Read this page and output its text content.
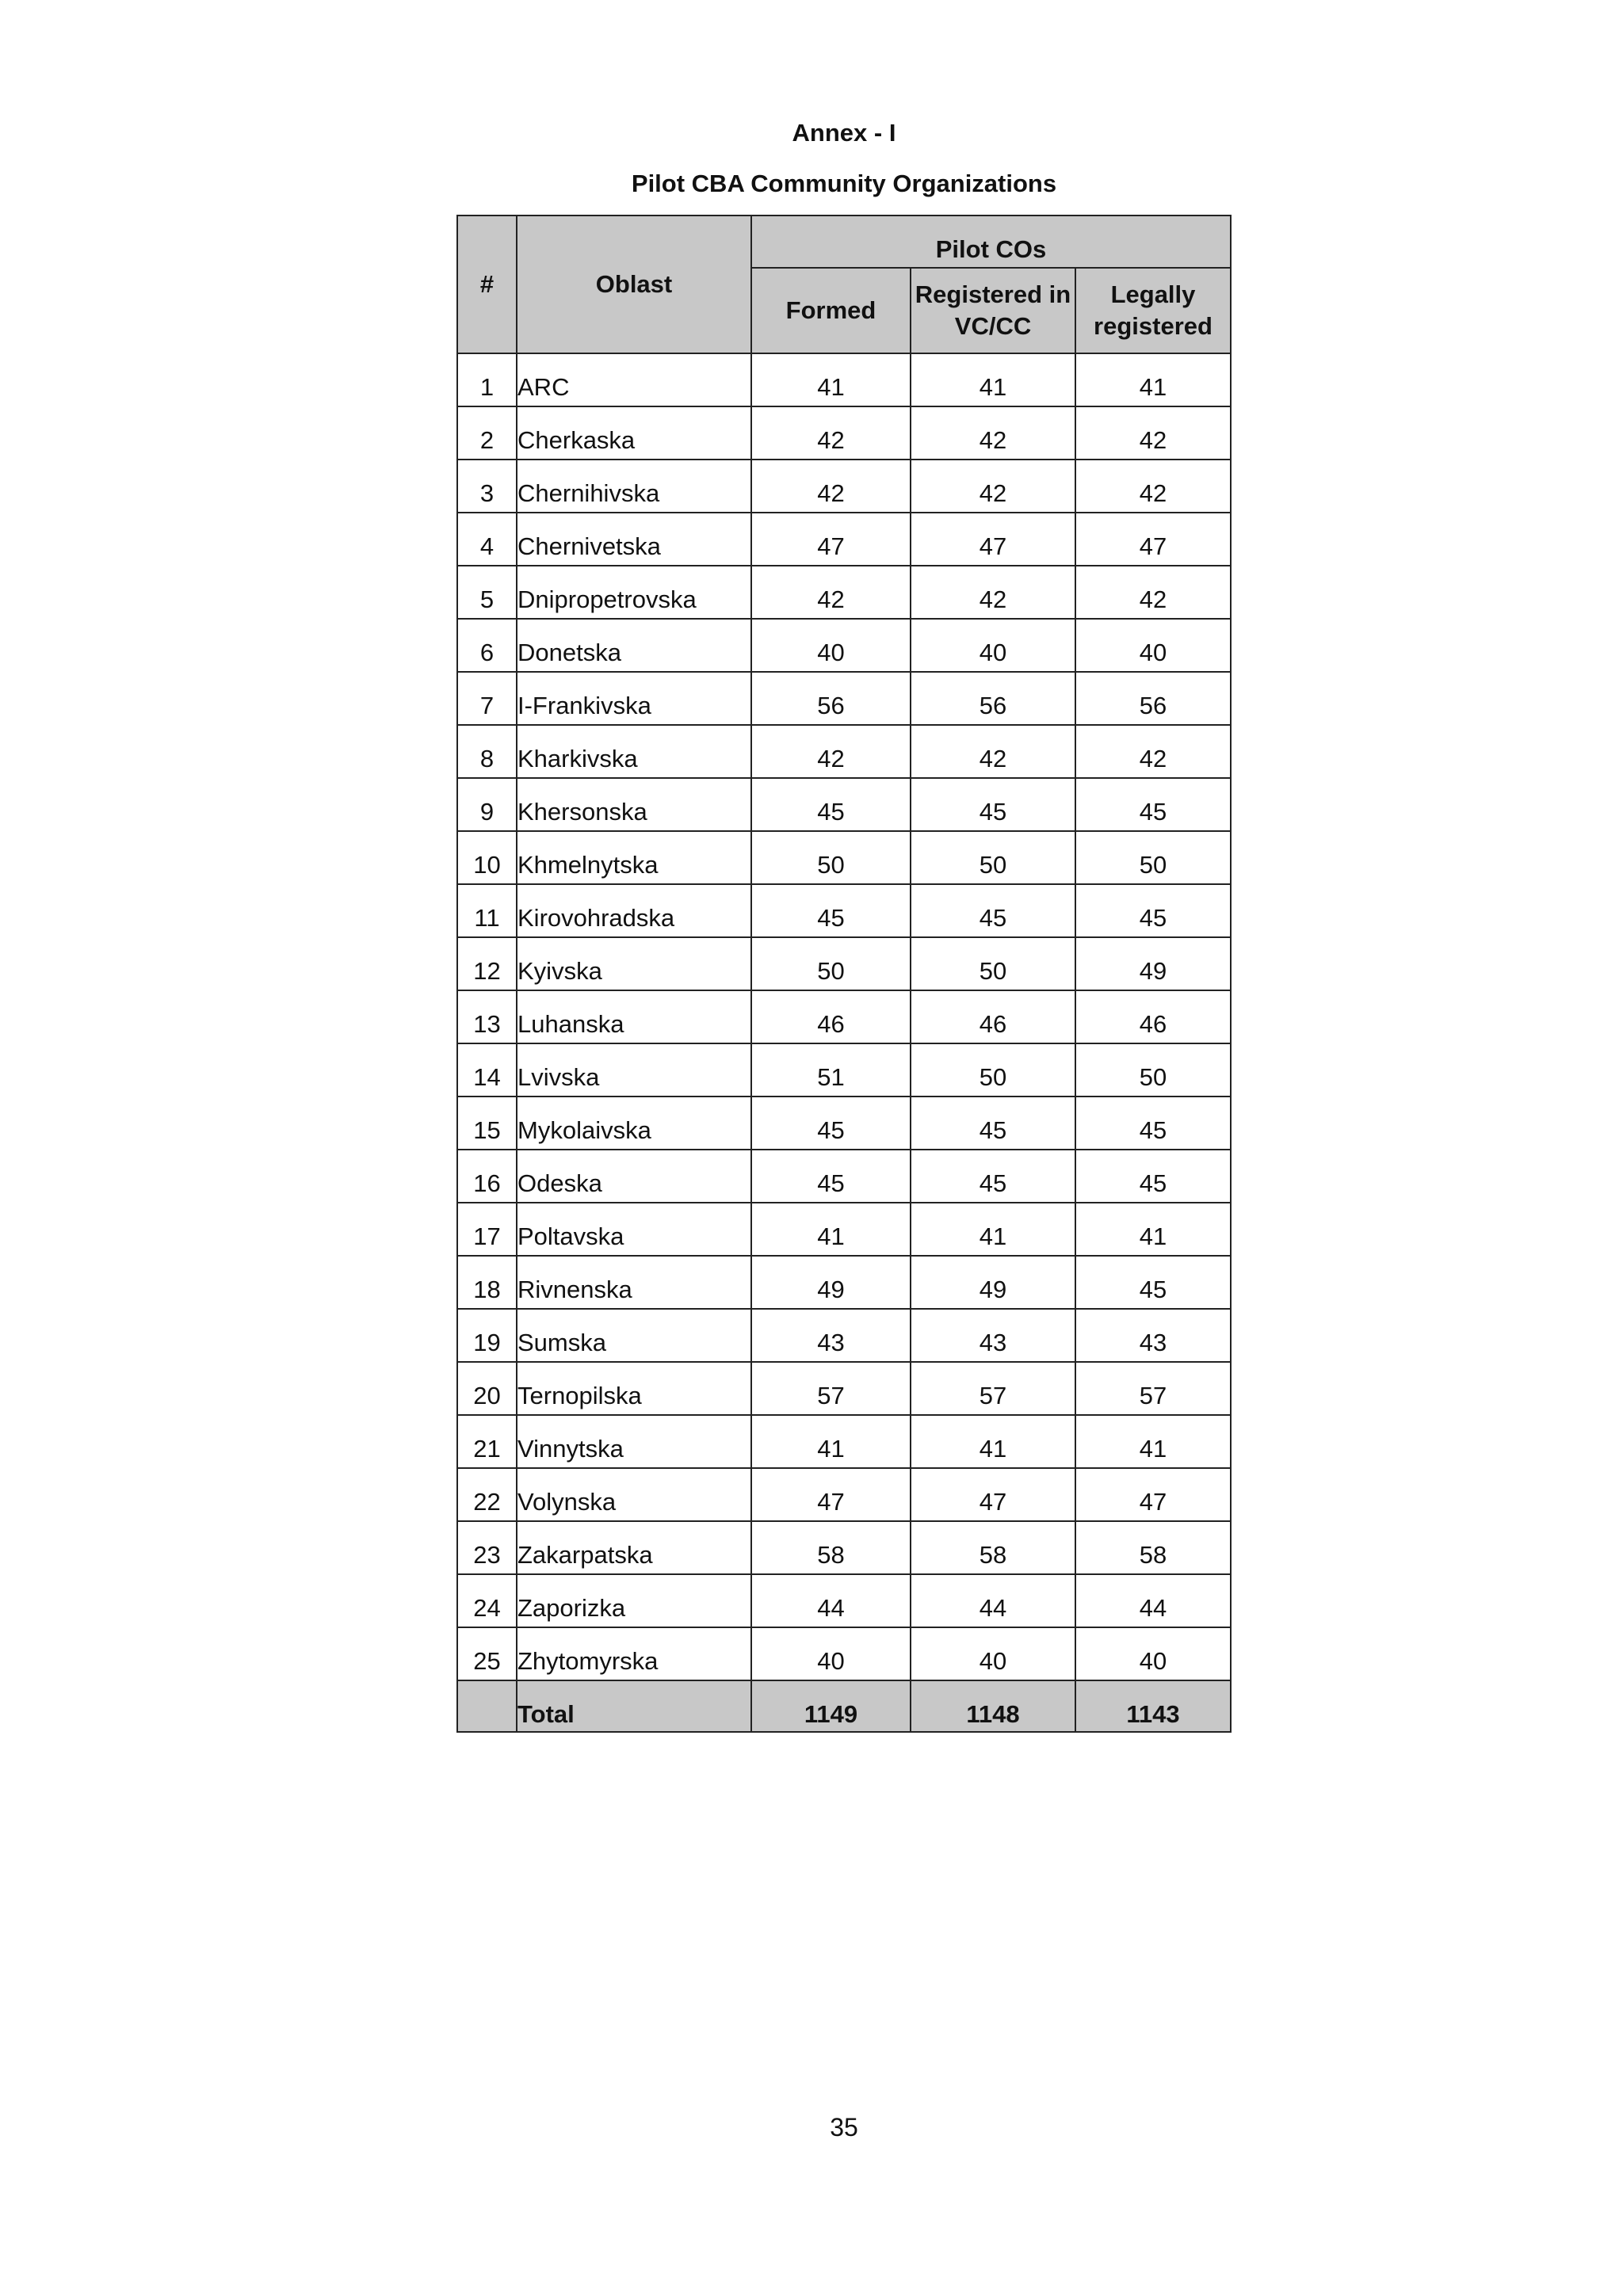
Annex - I
Pilot CBA Community Organizations
#	Oblast	Pilot COs		
		Formed	Registered in VC/CC	Legally registered
1	ARC	41	41	41
2	Cherkaska	42	42	42
3	Chernihivska	42	42	42
4	Chernivetska	47	47	47
5	Dnipropetrovska	42	42	42
6	Donetska	40	40	40
7	I-Frankivska	56	56	56
8	Kharkivska	42	42	42
9	Khersonska	45	45	45
10	Khmelnytska	50	50	50
11	Kirovohradska	45	45	45
12	Kyivska	50	50	49
13	Luhanska	46	46	46
14	Lvivska	51	50	50
15	Mykolaivska	45	45	45
16	Odeska	45	45	45
17	Poltavska	41	41	41
18	Rivnenska	49	49	45
19	Sumska	43	43	43
20	Ternopilska	57	57	57
21	Vinnytska	41	41	41
22	Volynska	47	47	47
23	Zakarpatska	58	58	58
24	Zaporizka	44	44	44
25	Zhytomyrska	40	40	40
	Total	1149	1148	1143
35
